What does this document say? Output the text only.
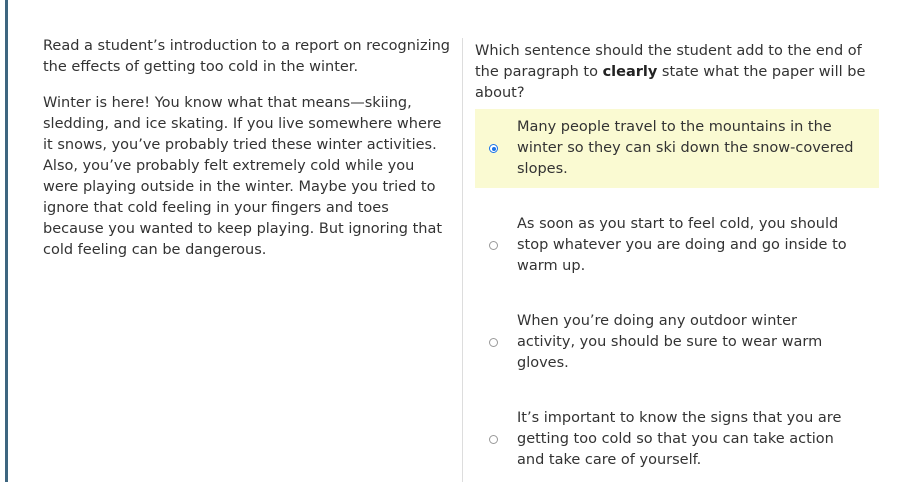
Read a student’s introduction to a report on recognizing the effects of getting too cold in the winter.

Winter is here! You know what that means—skiing, sledding, and ice skating. If you live somewhere where it snows, you’ve probably tried these winter activities. Also, you’ve probably felt extremely cold while you were playing outside in the winter. Maybe you tried to ignore that cold feeling in your fingers and toes because you wanted to keep playing. But ignoring that cold feeling can be dangerous.

Which sentence should the student add to the end of the paragraph to clearly state what the paper will be about?
Many people travel to the mountains in the winter so they can ski down the snow-covered slopes.
As soon as you start to feel cold, you should stop whatever you are doing and go inside to warm up.
When you’re doing any outdoor winter activity, you should be sure to wear warm gloves.
It’s important to know the signs that you are getting too cold so that you can take action and take care of yourself.
